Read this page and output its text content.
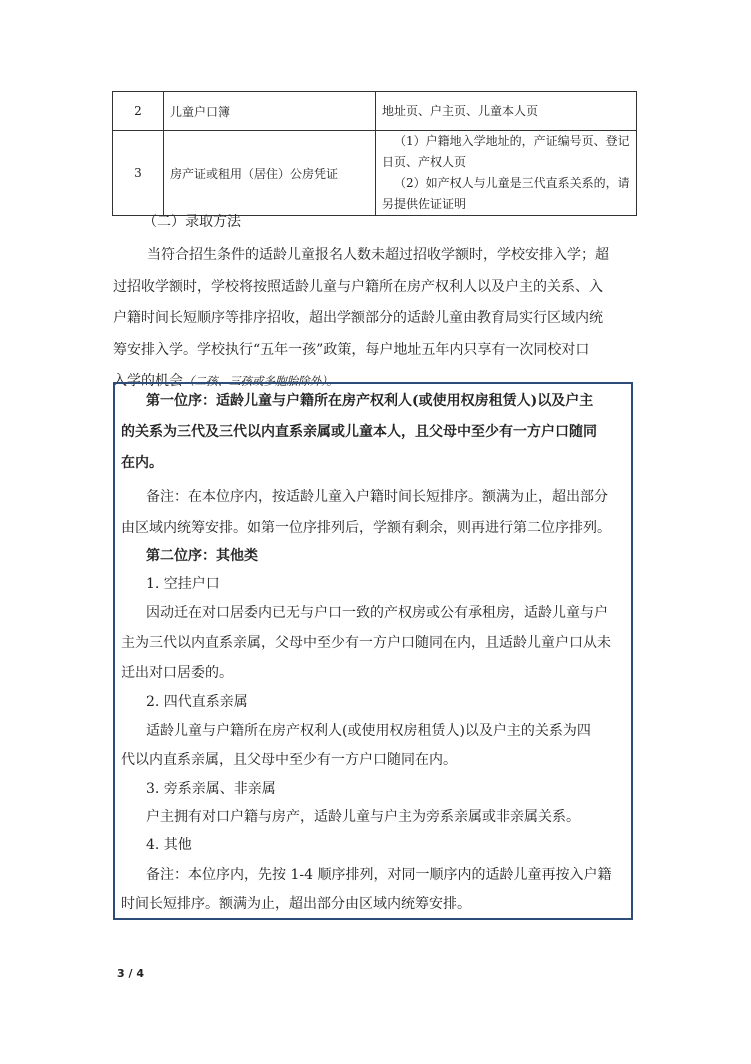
2	儿童户口簿	地址页、户主页、儿童本人页

3	房产证或租用（居住）公房凭证	（1）户籍地入学地址的，产证编号页、登记
日页、产权人页
（2）如产权人与儿童是三代直系关系的，请
另提供佐证证明
（二）录取方法
当符合招生条件的适龄儿童报名人数未超过招收学额时，学校安排入学；超
过招收学额时，学校将按照适龄儿童与户籍所在房产权利人以及户主的关系、入
户籍时间长短顺序等排序招收，超出学额部分的适龄儿童由教育局实行区域内统
筹安排入学。学校执行“五年一孩”政策，每户地址五年内只享有一次同校对口
入学的机会（二孩、三孩或多胞胎除外）。
第一位序：适龄儿童与户籍所在房产权利人(或使用权房租赁人)以及户主
的关系为三代及三代以内直系亲属或儿童本人，且父母中至少有一方户口随同
在内。
备注：在本位序内，按适龄儿童入户籍时间长短排序。额满为止，超出部分
由区域内统筹安排。如第一位序排列后，学额有剩余，则再进行第二位序排列。
第二位序：其他类
1. 空挂户口
因动迁在对口居委内已无与户口一致的产权房或公有承租房，适龄儿童与户
主为三代以内直系亲属，父母中至少有一方户口随同在内，且适龄儿童户口从未
迁出对口居委的。
2. 四代直系亲属
适龄儿童与户籍所在房产权利人(或使用权房租赁人)以及户主的关系为四
代以内直系亲属，且父母中至少有一方户口随同在内。
3. 旁系亲属、非亲属
户主拥有对口户籍与房产，适龄儿童与户主为旁系亲属或非亲属关系。
4. 其他
备注：本位序内，先按 1-4 顺序排列，对同一顺序内的适龄儿童再按入户籍
时间长短排序。额满为止，超出部分由区域内统筹安排。
3 / 4
